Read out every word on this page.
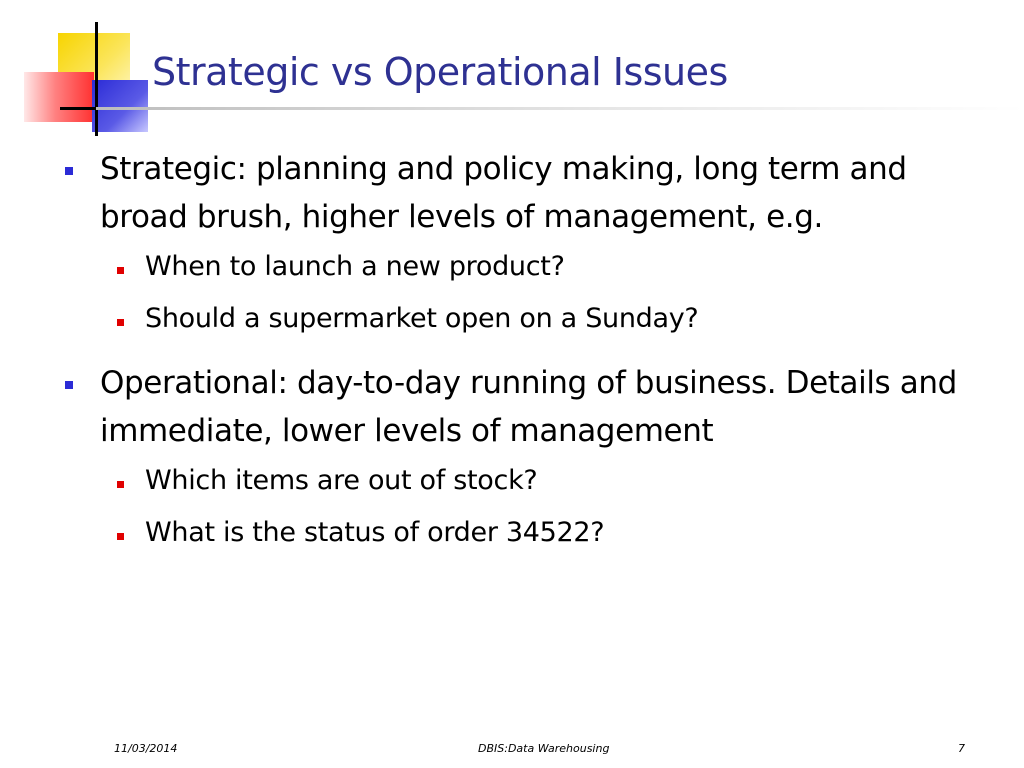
Strategic vs Operational Issues
Strategic: planning and policy making, long term and broad brush, higher levels of management, e.g.
When to launch a new product?
Should a supermarket open on a Sunday?
Operational: day-to-day running of business. Details and immediate, lower levels of management
Which items are out of stock?
What is the status of order 34522?
11/03/2014	DBIS:Data Warehousing	7
